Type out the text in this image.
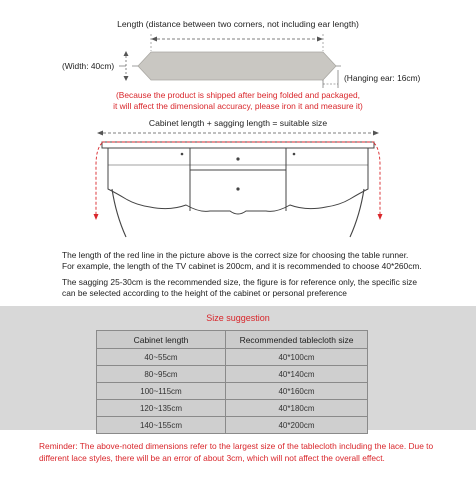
Length (distance between two corners, not including ear length)
(Width: 40cm)
(Hanging ear: 16cm)
(Because the product is shipped after being folded and packaged,
it will affect the dimensional accuracy, please iron it and measure it)
Cabinet length + sagging length = suitable size
The length of the red line in the picture above is the correct size for choosing the table runner.
For example, the length of the TV cabinet is 200cm, and it is recommended to choose 40*260cm.
The sagging 25-30cm is the recommended size, the figure is for reference only, the specific size
can be selected according to the height of the cabinet or personal preference
Size suggestion
Cabinet length	Recommended tablecloth size
40~55cm	40*100cm
80~95cm	40*140cm
100~115cm	40*160cm
120~135cm	40*180cm
140~155cm	40*200cm
Reminder: The above-noted dimensions refer to the largest size of the tablecloth including the lace. Due to
different lace styles, there will be an error of about 3cm, which will not affect the overall effect.
